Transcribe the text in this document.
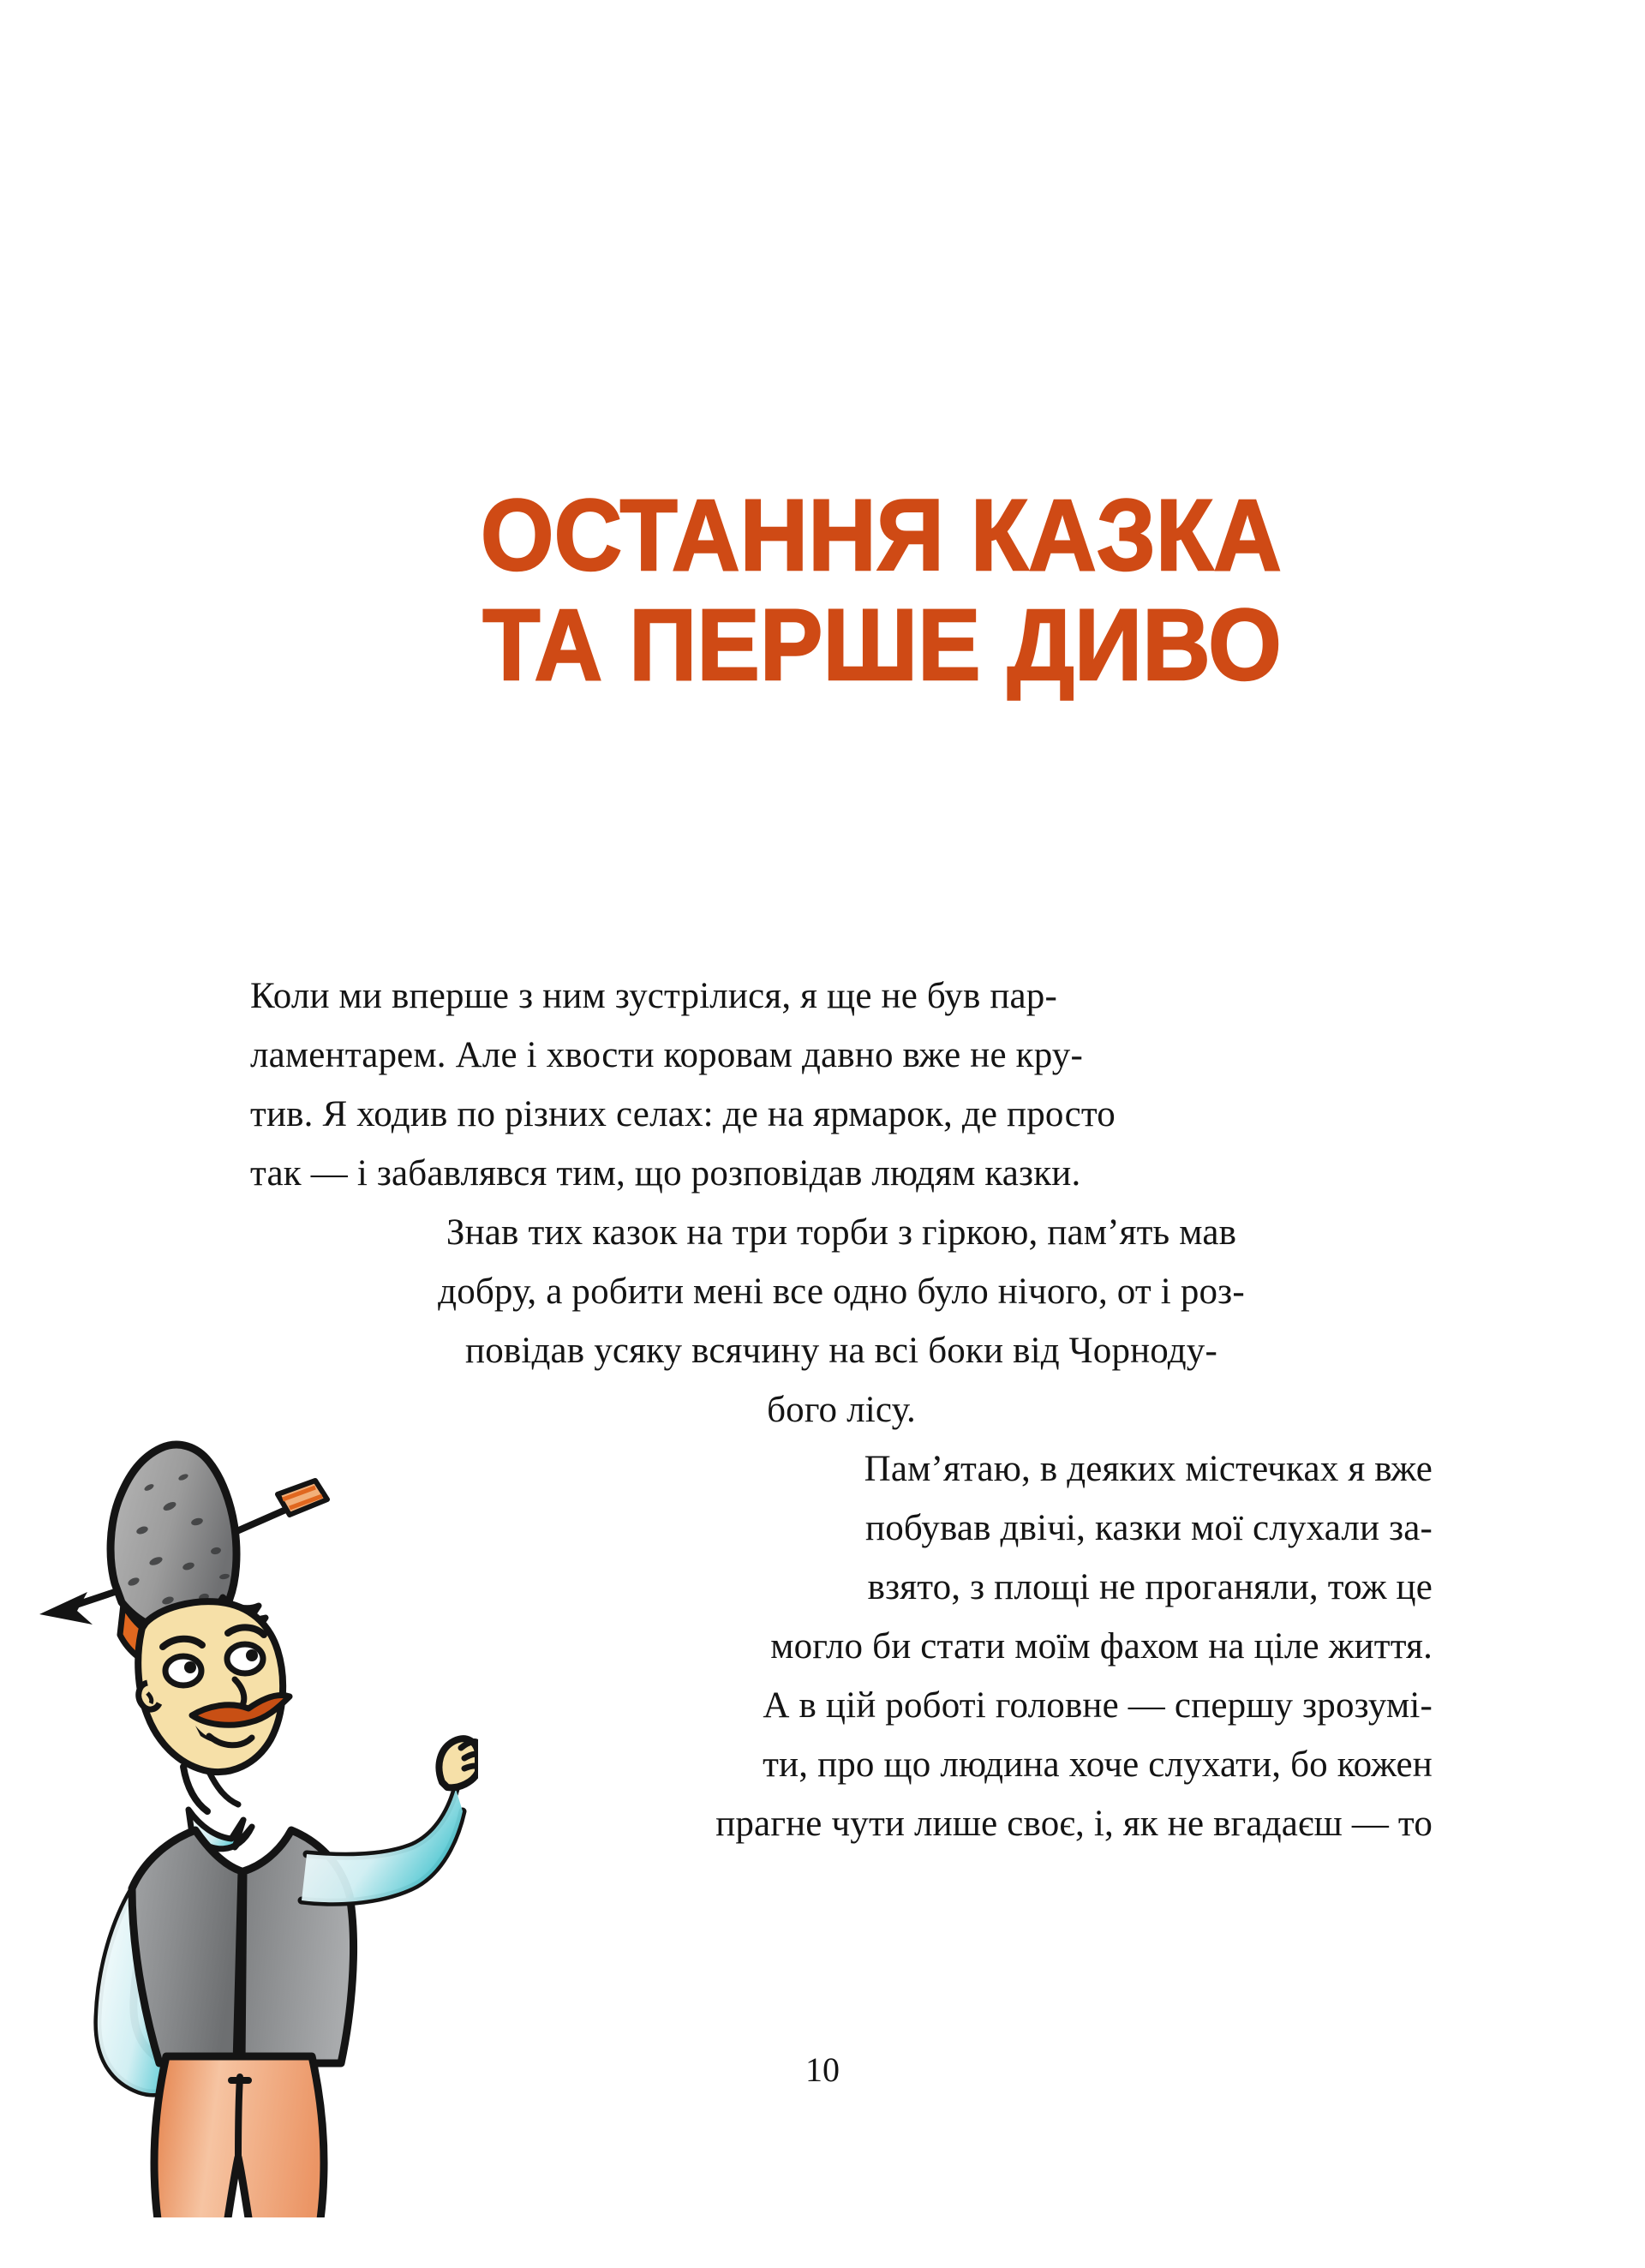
ОСТАННЯ КАЗКА
ТА ПЕРШЕ ДИВО
Коли ми вперше з ним зустрілися, я ще не був пар-
ламентарем. Але і хвости коровам давно вже не кру-
тив. Я ходив по різних селах: де на ярмарок, де просто
так — і забавлявся тим, що розповідав людям казки.
Знав тих казок на три торби з гіркою, пам’ять мав
добру, а робити мені все одно було нічого, от і роз-
повідав усяку всячину на всі боки від Чорноду-
бого лісу.
Пам’ятаю, в деяких містечках я вже
побував двічі, казки мої слухали за-
взято, з площі не проганяли, тож це
могло би стати моїм фахом на ціле життя.
А в цій роботі головне — спершу зрозумі-
ти, про що людина хоче слухати, бо кожен
прагне чути лише своє, і, як не вгадаєш — то
10
